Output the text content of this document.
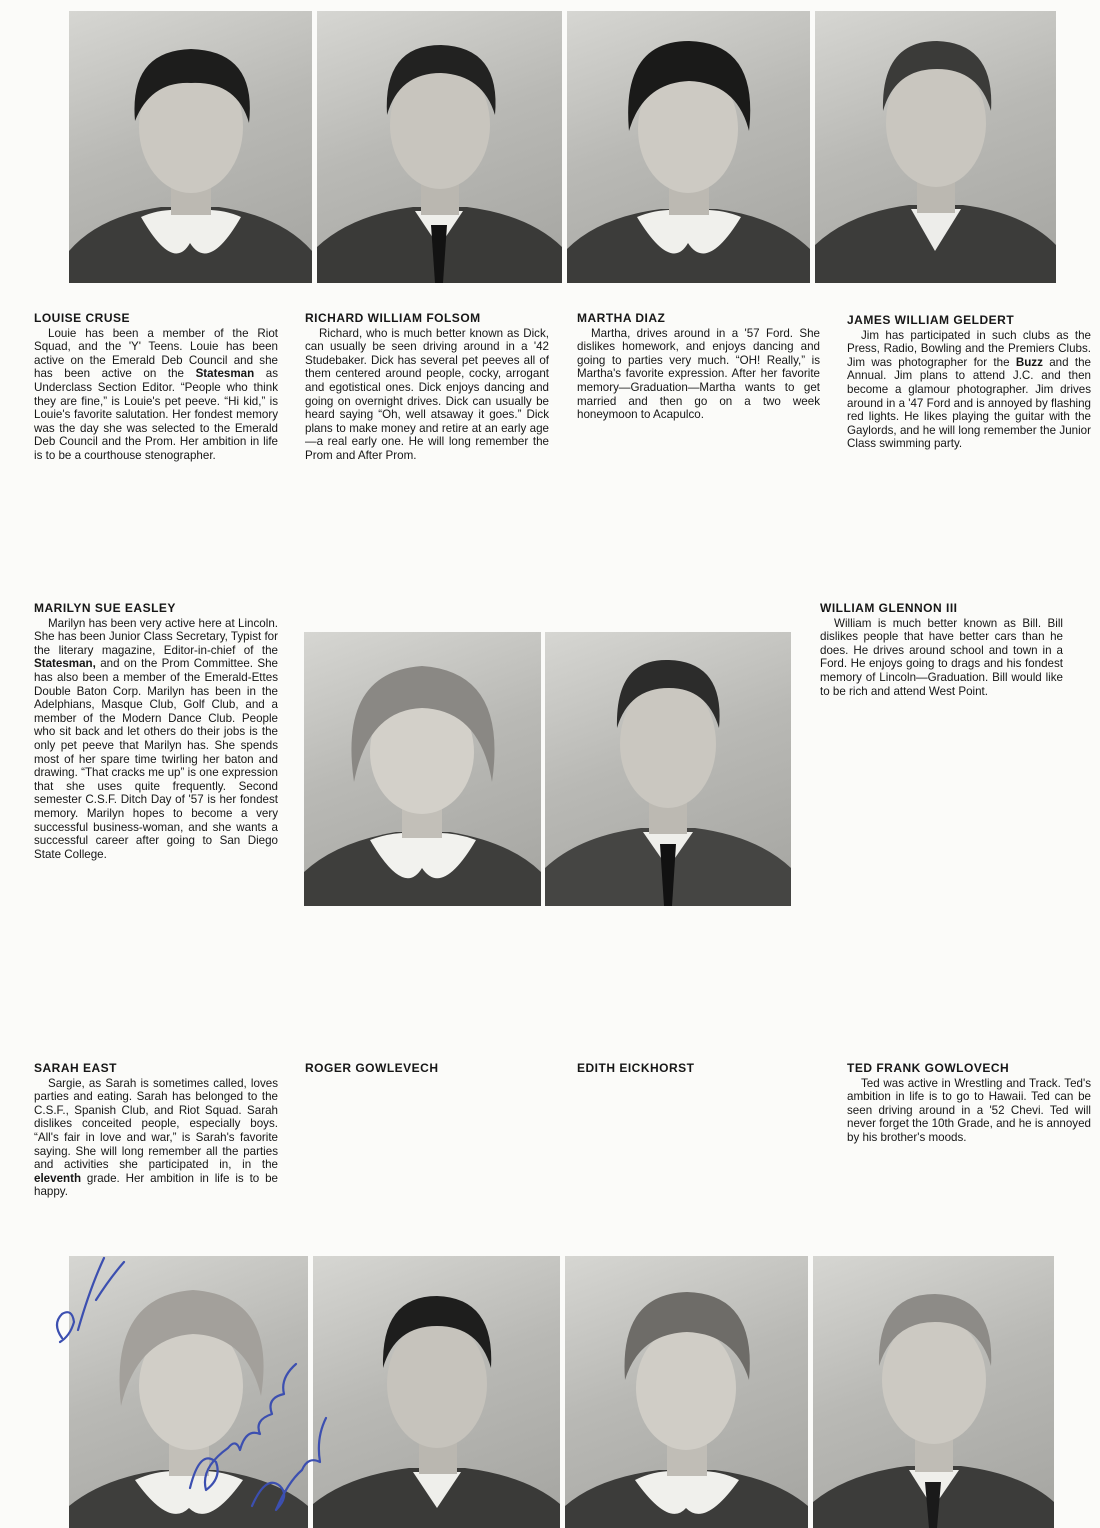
LOUISE CRUSE

Louie has been a member of the Riot Squad, and the 'Y' Teens. Louie has been active on the Emerald Deb Council and she has been active on the Statesman as Underclass Section Editor. “People who think they are fine,” is Louie's pet peeve. “Hi kid,” is Louie's favorite salutation. Her fondest memory was the day she was selected to the Emerald Deb Council and the Prom. Her ambition in life is to be a courthouse stenographer.

RICHARD WILLIAM FOLSOM

Richard, who is much better known as Dick, can usually be seen driving around in a '42 Studebaker. Dick has several pet peeves all of them centered around people, cocky, arrogant and egotistical ones. Dick enjoys dancing and going on overnight drives. Dick can usually be heard saying “Oh, well atsaway it goes.” Dick plans to make money and retire at an early age—a real early one. He will long remember the Prom and After Prom.

MARTHA DIAZ

Martha, drives around in a '57 Ford. She dislikes homework, and enjoys dancing and going to parties very much. “OH! Really,” is Martha's favorite expression. After her favorite memory—Graduation—Martha wants to get married and then go on a two week honeymoon to Acapulco.

JAMES WILLIAM GELDERT

Jim has participated in such clubs as the Press, Radio, Bowling and the Premiers Clubs. Jim was photographer for the Buzz and the Annual. Jim plans to attend J.C. and then become a glamour photographer. Jim drives around in a '47 Ford and is annoyed by flashing red lights. He likes playing the guitar with the Gaylords, and he will long remember the Junior Class swimming party.

MARILYN SUE EASLEY

Marilyn has been very active here at Lincoln. She has been Junior Class Secretary, Typist for the literary magazine, Editor-in-chief of the Statesman, and on the Prom Committee. She has also been a member of the Emerald-Ettes Double Baton Corp. Marilyn has been in the Adelphians, Masque Club, Golf Club, and a member of the Modern Dance Club. People who sit back and let others do their jobs is the only pet peeve that Marilyn has. She spends most of her spare time twirling her baton and drawing. “That cracks me up” is one expression that she uses quite frequently. Second semester C.S.F. Ditch Day of '57 is her fondest memory. Marilyn hopes to become a very successful business-woman, and she wants a successful career after going to San Diego State College.

WILLIAM GLENNON III

William is much better known as Bill. Bill dislikes people that have better cars than he does. He drives around school and town in a Ford. He enjoys going to drags and his fondest memory of Lincoln—Graduation. Bill would like to be rich and attend West Point.

SARAH EAST

Sargie, as Sarah is sometimes called, loves parties and eating. Sarah has belonged to the C.S.F., Spanish Club, and Riot Squad. Sarah dislikes conceited people, especially boys. “All's fair in love and war,” is Sarah's favorite saying. She will long remember all the parties and activities she participated in, in the eleventh grade. Her ambition in life is to be happy.

ROGER GOWLEVECH	EDITH EICKHORST	TED FRANK GOWLOVECH

Ted was active in Wrestling and Track. Ted's ambition in life is to go to Hawaii. Ted can be seen driving around in a '52 Chevi. Ted will never forget the 10th Grade, and he is annoyed by his brother's moods.
